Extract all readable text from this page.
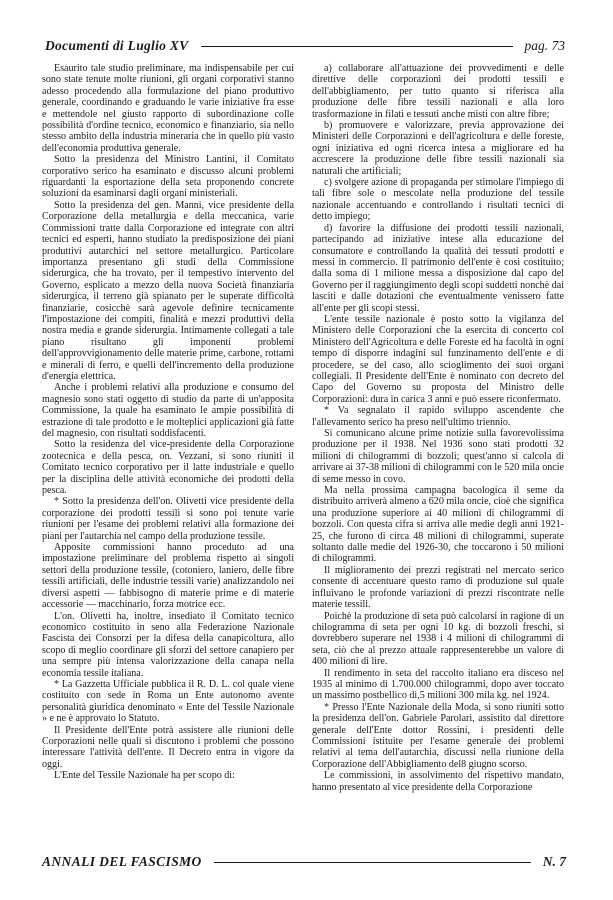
Documenti di Luglio XV	pag. 73

Esaurito tale studio preliminare, ma indispensabile per cui sono state tenute molte riunioni, gli organi corporativi stanno adesso procedendo alla formulazione del piano produttivo generale, coordinando e graduando le varie iniziative fra esse e mettendole nel giusto rapporto di subordinazione colle possibilità d'ordine tecnico, economico e finanziario, sia nello stesso ambito della industria mineraria che in quello più vasto dell'economia produttiva generale.

Sotto la presidenza del Ministro Lantini, il Comitato corporativo serico ha esaminato e discusso alcuni problemi riguardanti la esportazione della seta proponendo concrete soluzioni da esaminarsi dagli organi ministeriali.

Sotto la presidenza del gen. Manni, vice presidente della Corporazione della metallurgia e della meccanica, varie Commissioni tratte dalla Corporazione ed integrate con altri tecnici ed esperti, hanno studiato la predisposizione dei piani produttivi autarchici nel settore metallurgico. Particolare importanza presentano gli studi della Commissione siderurgica, che ha trovato, per il tempestivo intervento del Governo, esplicato a mezzo della nuova Società finanziaria siderurgica, il terreno già spianato per le superate difficoltà finanziarie, cosicchè sarà agevole definire tecnicamente l'impostazione dei compiti, finalità e mezzi produttivi della nostra media e grande siderurgia. Intimamente collegati a tale piano risultano gli imponenti problemi dell'approvvigionamento delle materie prime, carbone, rottami e minerali di ferro, e quelli dell'incremento della produzione d'energia elettrica.

Anche i problemi relativi alla produzione e consumo del magnesio sono stati oggetto di studio da parte di un'apposita Commissione, la quale ha esaminato le ampie possibilità di estrazione di tale prodotto e le molteplici applicazioni già fatte del magnesio, con risultati soddisfacenti.

Sotto la residenza del vice-presidente della Corporazione zootecnica e della pesca, on. Vezzani, si sono riuniti il Comitato tecnico corporativo per il latte industriale e quello per la disciplina delle attività economiche dei prodotti della pesca.

* Sotto la presidenza dell'on. Olivetti vice presidente della corporazione dei prodotti tessili si sono poi tenute varie riunioni per l'esame dei problemi relativi alla formazione dei piani per l'autarchia nel campo della produzione tessile.

Apposite commissioni hanno proceduto ad una impostazione preliminare del problema rispetto ai singoli settori della produzione tessile, (cotoniero, laniero, delle fibre tessili artificiali, delle industrie tessili varie) analizzandolo nei diversi aspetti — fabbisogno di materie prime e di materie accessorie — macchinario, forza motrice ecc.

L'on. Olivetti ha, inoltre, insediato il Comitato tecnico economico costituito in seno alla Federazione Nazionale Fascista dei Consorzi per la difesa della canapicoltura, allo scopo di meglio coordinare gli sforzi del settore canapiero per una sempre più intensa valorizzazione della canapa nella economia tessile italiana.

* La Gazzetta Ufficiale pubblica il R. D. L. col quale viene costituito con sede in Roma un Ente autonomo avente personalità giuridica denominato « Ente del Tessile Nazionale » e ne è approvato lo Statuto.

Il Presidente dell'Ente potrà assistere alle riunioni delle Corporazioni nelle quali si discutono i problemi che possono interessare l'attività dell'ente. Il Decreto entra in vigore da oggi.

L'Ente del Tessile Nazionale ha per scopo di:

a) collaborare all'attuazione dei provvedimenti e delle direttive delle corporazioni dei prodotti tessili e dell'abbigliamento, per tutto quanto si riferisca alla produzione delle fibre tessili nazionali e alla loro trasformazione in filati e tessuti anche misti con altre fibre;

b) promuovere e valorizzare, previa approvazione dei Ministeri delle Corporazioni e dell'agricoltura e delle foreste, ogni iniziativa ed ogni ricerca intesa a migliorare ed ha accrescere la produzione delle fibre tessili nazionali sia naturali che artificiali;

c) svolgere azione di propaganda per stimolare l'impiego di tali fibre sole o mescolate nella produzione del tessile nazionale accentuando e controllando i risultati tecnici di detto impiego;

d) favorire la diffusione dei prodotti tessili nazionali, partecipando ad iniziative intese alla educazione del consumatore e controllando la qualità dei tessuti prodotti e messi in commercio. Il patrimonio dell'ente è così costituito; dalla soma di 1 milione messa a disposizione dal capo del Governo per il raggiungimento degli scopi suddetti nonchè dai lasciti e dalle dotazioni che eventualmente venissero fatte all'ente per gli scopi stessi.

L'ente tessile nazionale è posto sotto la vigilanza del Ministero delle Corporazioni che la esercita di concerto col Ministero dell'Agricoltura e delle Foreste ed ha facoltà in ogni tempo di disporre indagini sul funzinamento dell'ente e di procedere, se del caso, allo scioglimento dei suoi organi collegiali. Il Presidente dell'Ente è nominato con decreto del Capo del Governo su proposta del Ministro delle Corporazioni: dura in carica 3 anni e può essere riconfermato.

* Va segnalato il rapido sviluppo ascendente che l'allevamento serico ha preso nell'ultimo triennio.

Si comunicano alcune prime notizie sulla favorevolissima produzione per il 1938. Nel 1936 sono stati prodotti 32 milioni di chilogrammi di bozzoli; quest'anno si calcola di arrivare ai 37-38 milioni di chilogrammi con le 520 mila oncie di seme messo in covo.

Ma nella prossima campagna bacologica il seme da distribuito arriverà almeno a 620 mila oncie, cioè che significa una produzione superiore ai 40 milioni di chilogrammi di bozzoli. Con questa cifra si arriva alle medie degli anni 1921-25, che furono di circa 48 milioni di chilogrammi, superate soltanto dalle medie del 1926-30, che toccarono i 50 milioni di chilogrammi.

Il miglioramento dei prezzi registrati nel mercato serico consente di accentuare questo ramo di produzione sul quale influivano le profonde variazioni di prezzi riscontrate nelle materie tessili.

Poichè la produzione di seta può calcolarsi in ragione di un chilogramma di seta per ogni 10 kg. di bozzoli freschi, si dovrebbero superare nel 1938 i 4 milioni di chilogrammi di seta, ciò che al prezzo attuale rappresenterebbe un valore di 400 milioni di lire.

Il rendimento in seta del raccolto italiano era disceso nel 1935 al minimo di 1.700.000 chilogrammi, dopo aver toccato un massimo postbellico di,5 milioni 300 mila kg. nel 1924.

* Presso l'Ente Nazionale della Moda, si sono riuniti sotto la presidenza dell'on. Gabriele Parolari, assistito dal direttore generale dell'Ente dottor Rossini, i presidenti delle Commissioni istituite per l'esame generale dei problemi relativi al tema dell'autarchia, discussi nella riunione della Corporazione dell'Abbigliamento del8 giugno scorso.

Le commissioni, in assolvimento del rispettivo mandato, hanno presentato al vice presidente della Corporazione

ANNALI DEL FASCISMO	N. 7
